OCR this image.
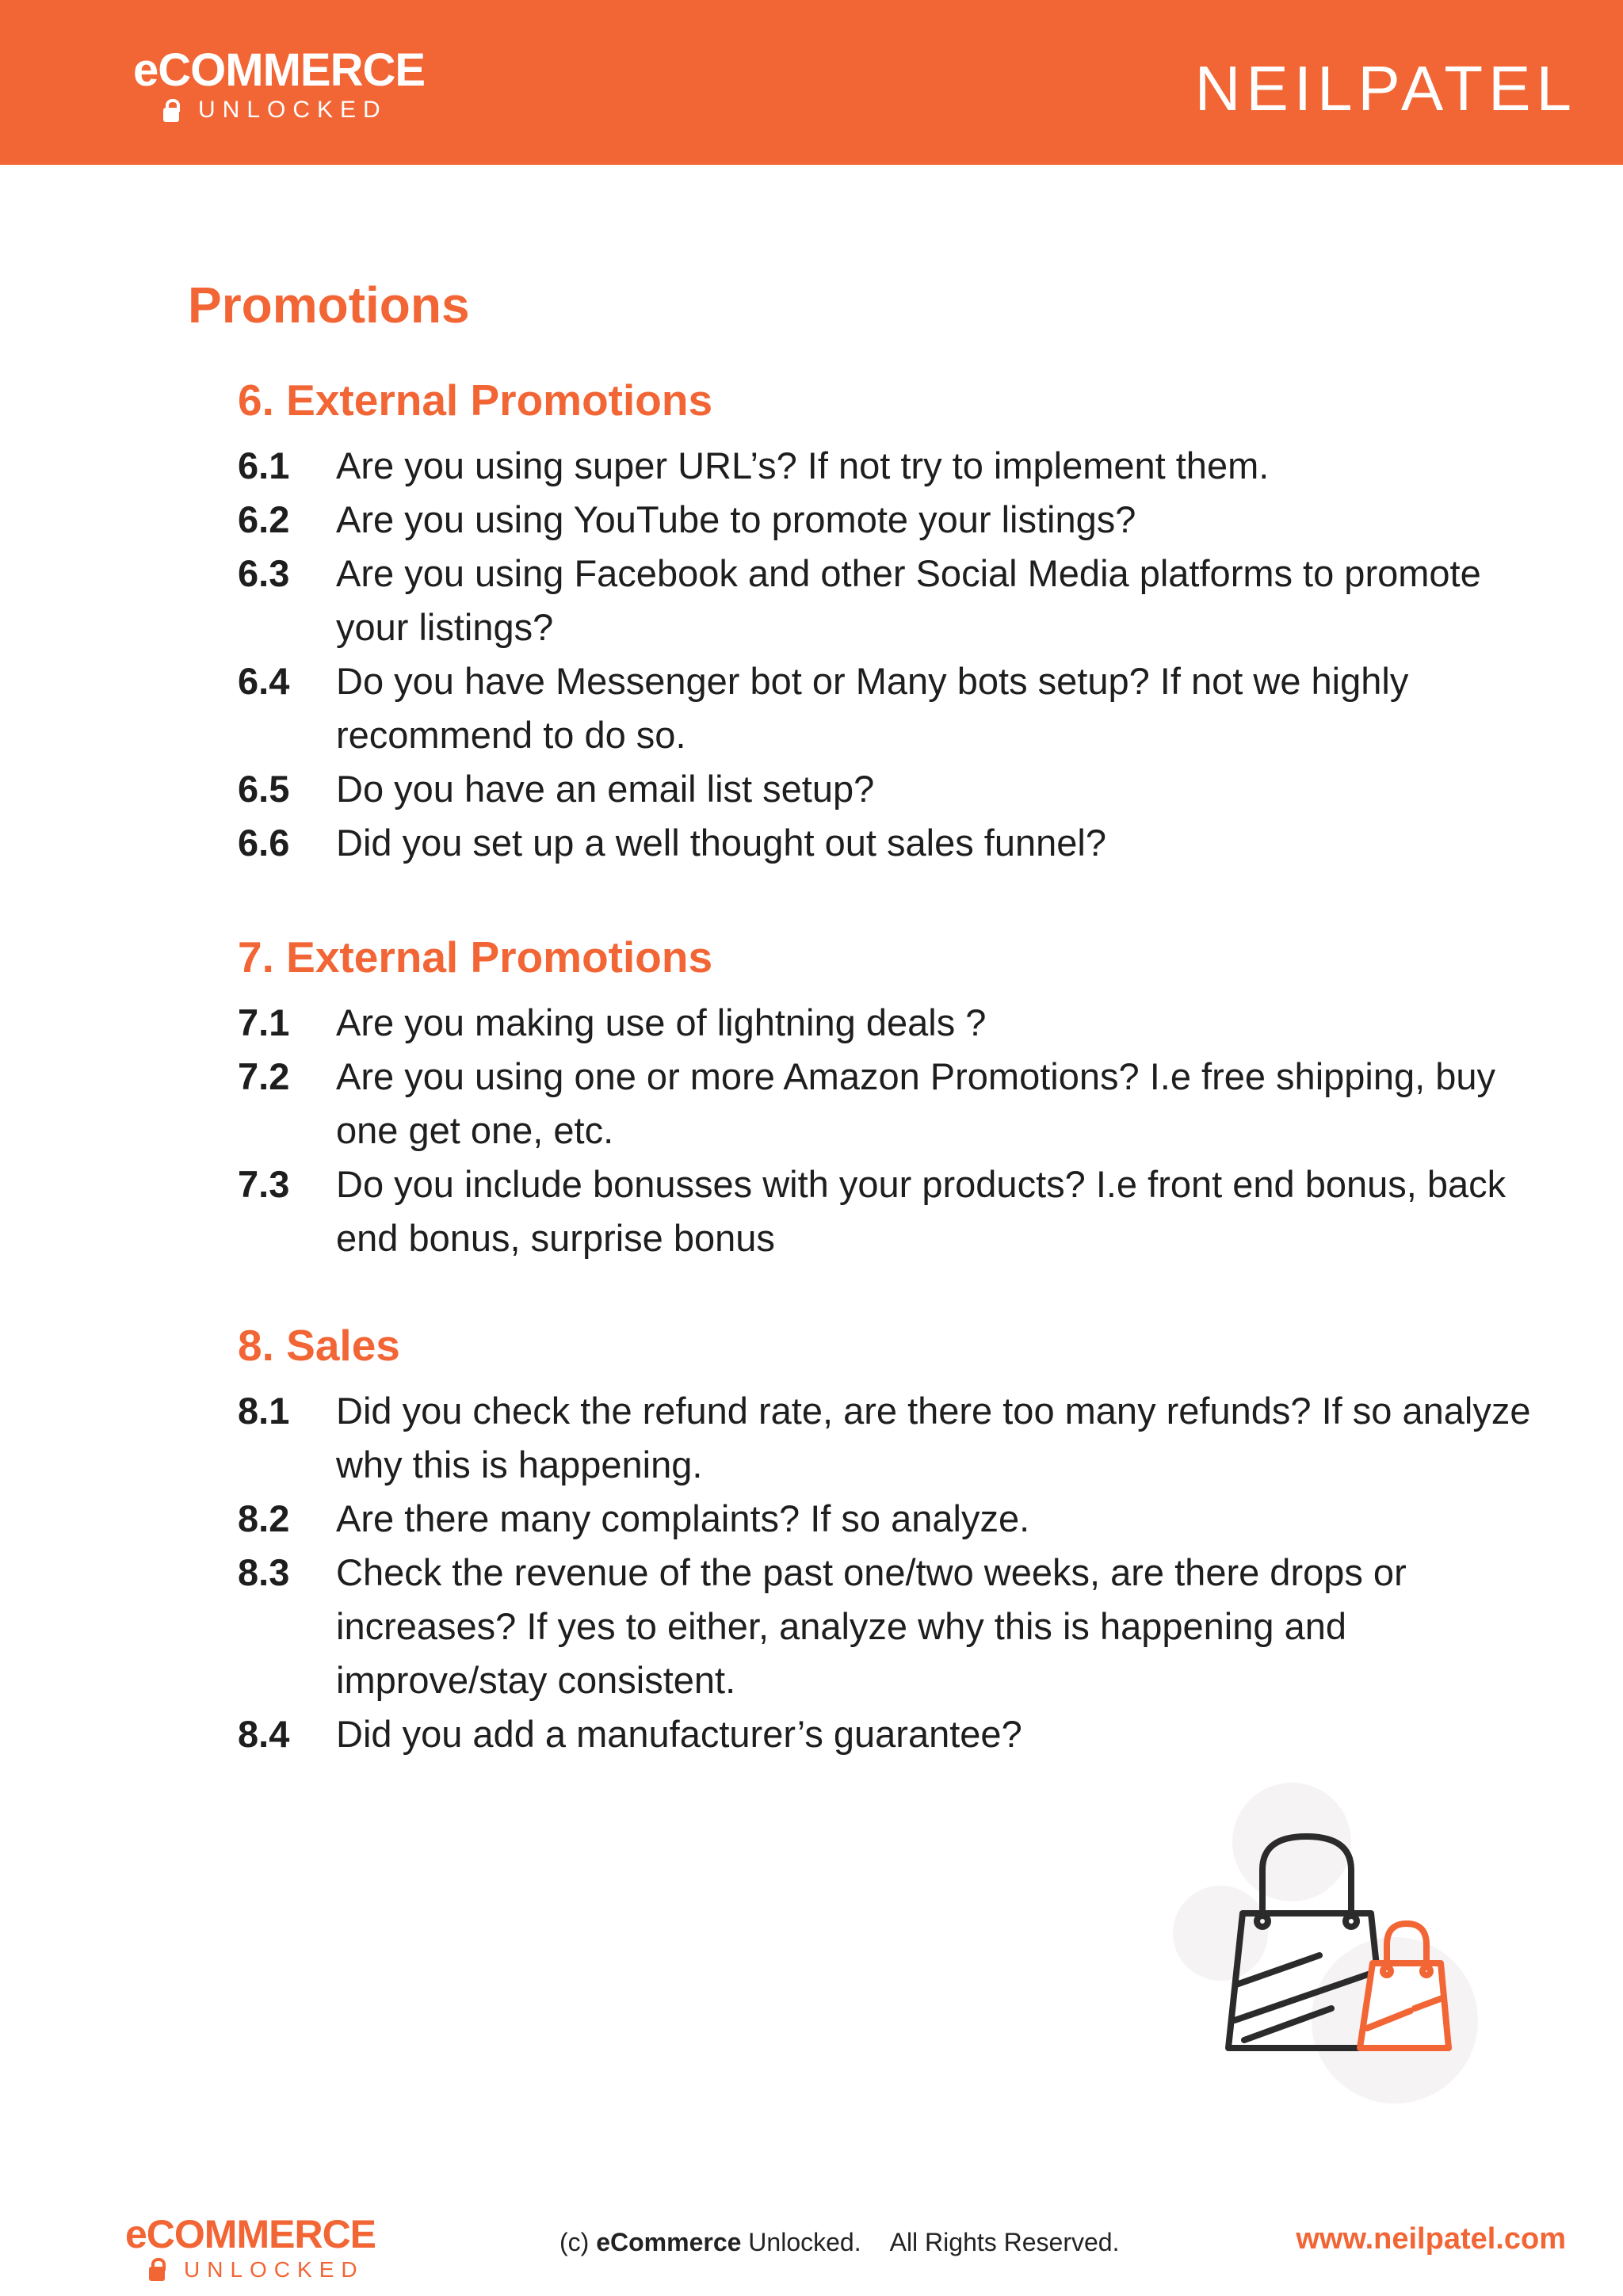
eCOMMERCE
UNLOCKED	NEILPATEL
Promotions
6. External Promotions
6.1	Are you using super URL’s? If not try to implement them.
6.2	Are you using YouTube to promote your listings?
6.3	Are you using Facebook and other Social Media platforms to promote your listings?
6.4	Do you have Messenger bot or Many bots setup? If not we highly recommend to do so.
6.5	Do you have an email list setup?
6.6	Did you set up a well thought out sales funnel?
7. External Promotions
7.1	Are you making use of lightning deals ?
7.2	Are you using one or more Amazon Promotions? I.e free shipping, buy one get one, etc.
7.3	Do you include bonusses with your products? I.e front end bonus, back end bonus, surprise bonus
8. Sales
8.1	Did you check the refund rate, are there too many refunds? If so analyze why this is happening.
8.2	Are there many complaints? If so analyze.
8.3	Check the revenue of the past one/two weeks, are there drops or increases? If yes to either, analyze why this is happening and improve/stay consistent.
8.4	Did you add a manufacturer’s guarantee?
eCOMMERCE
UNLOCKED
(c) eCommerce Unlocked. All Rights Reserved.	www.neilpatel.com
